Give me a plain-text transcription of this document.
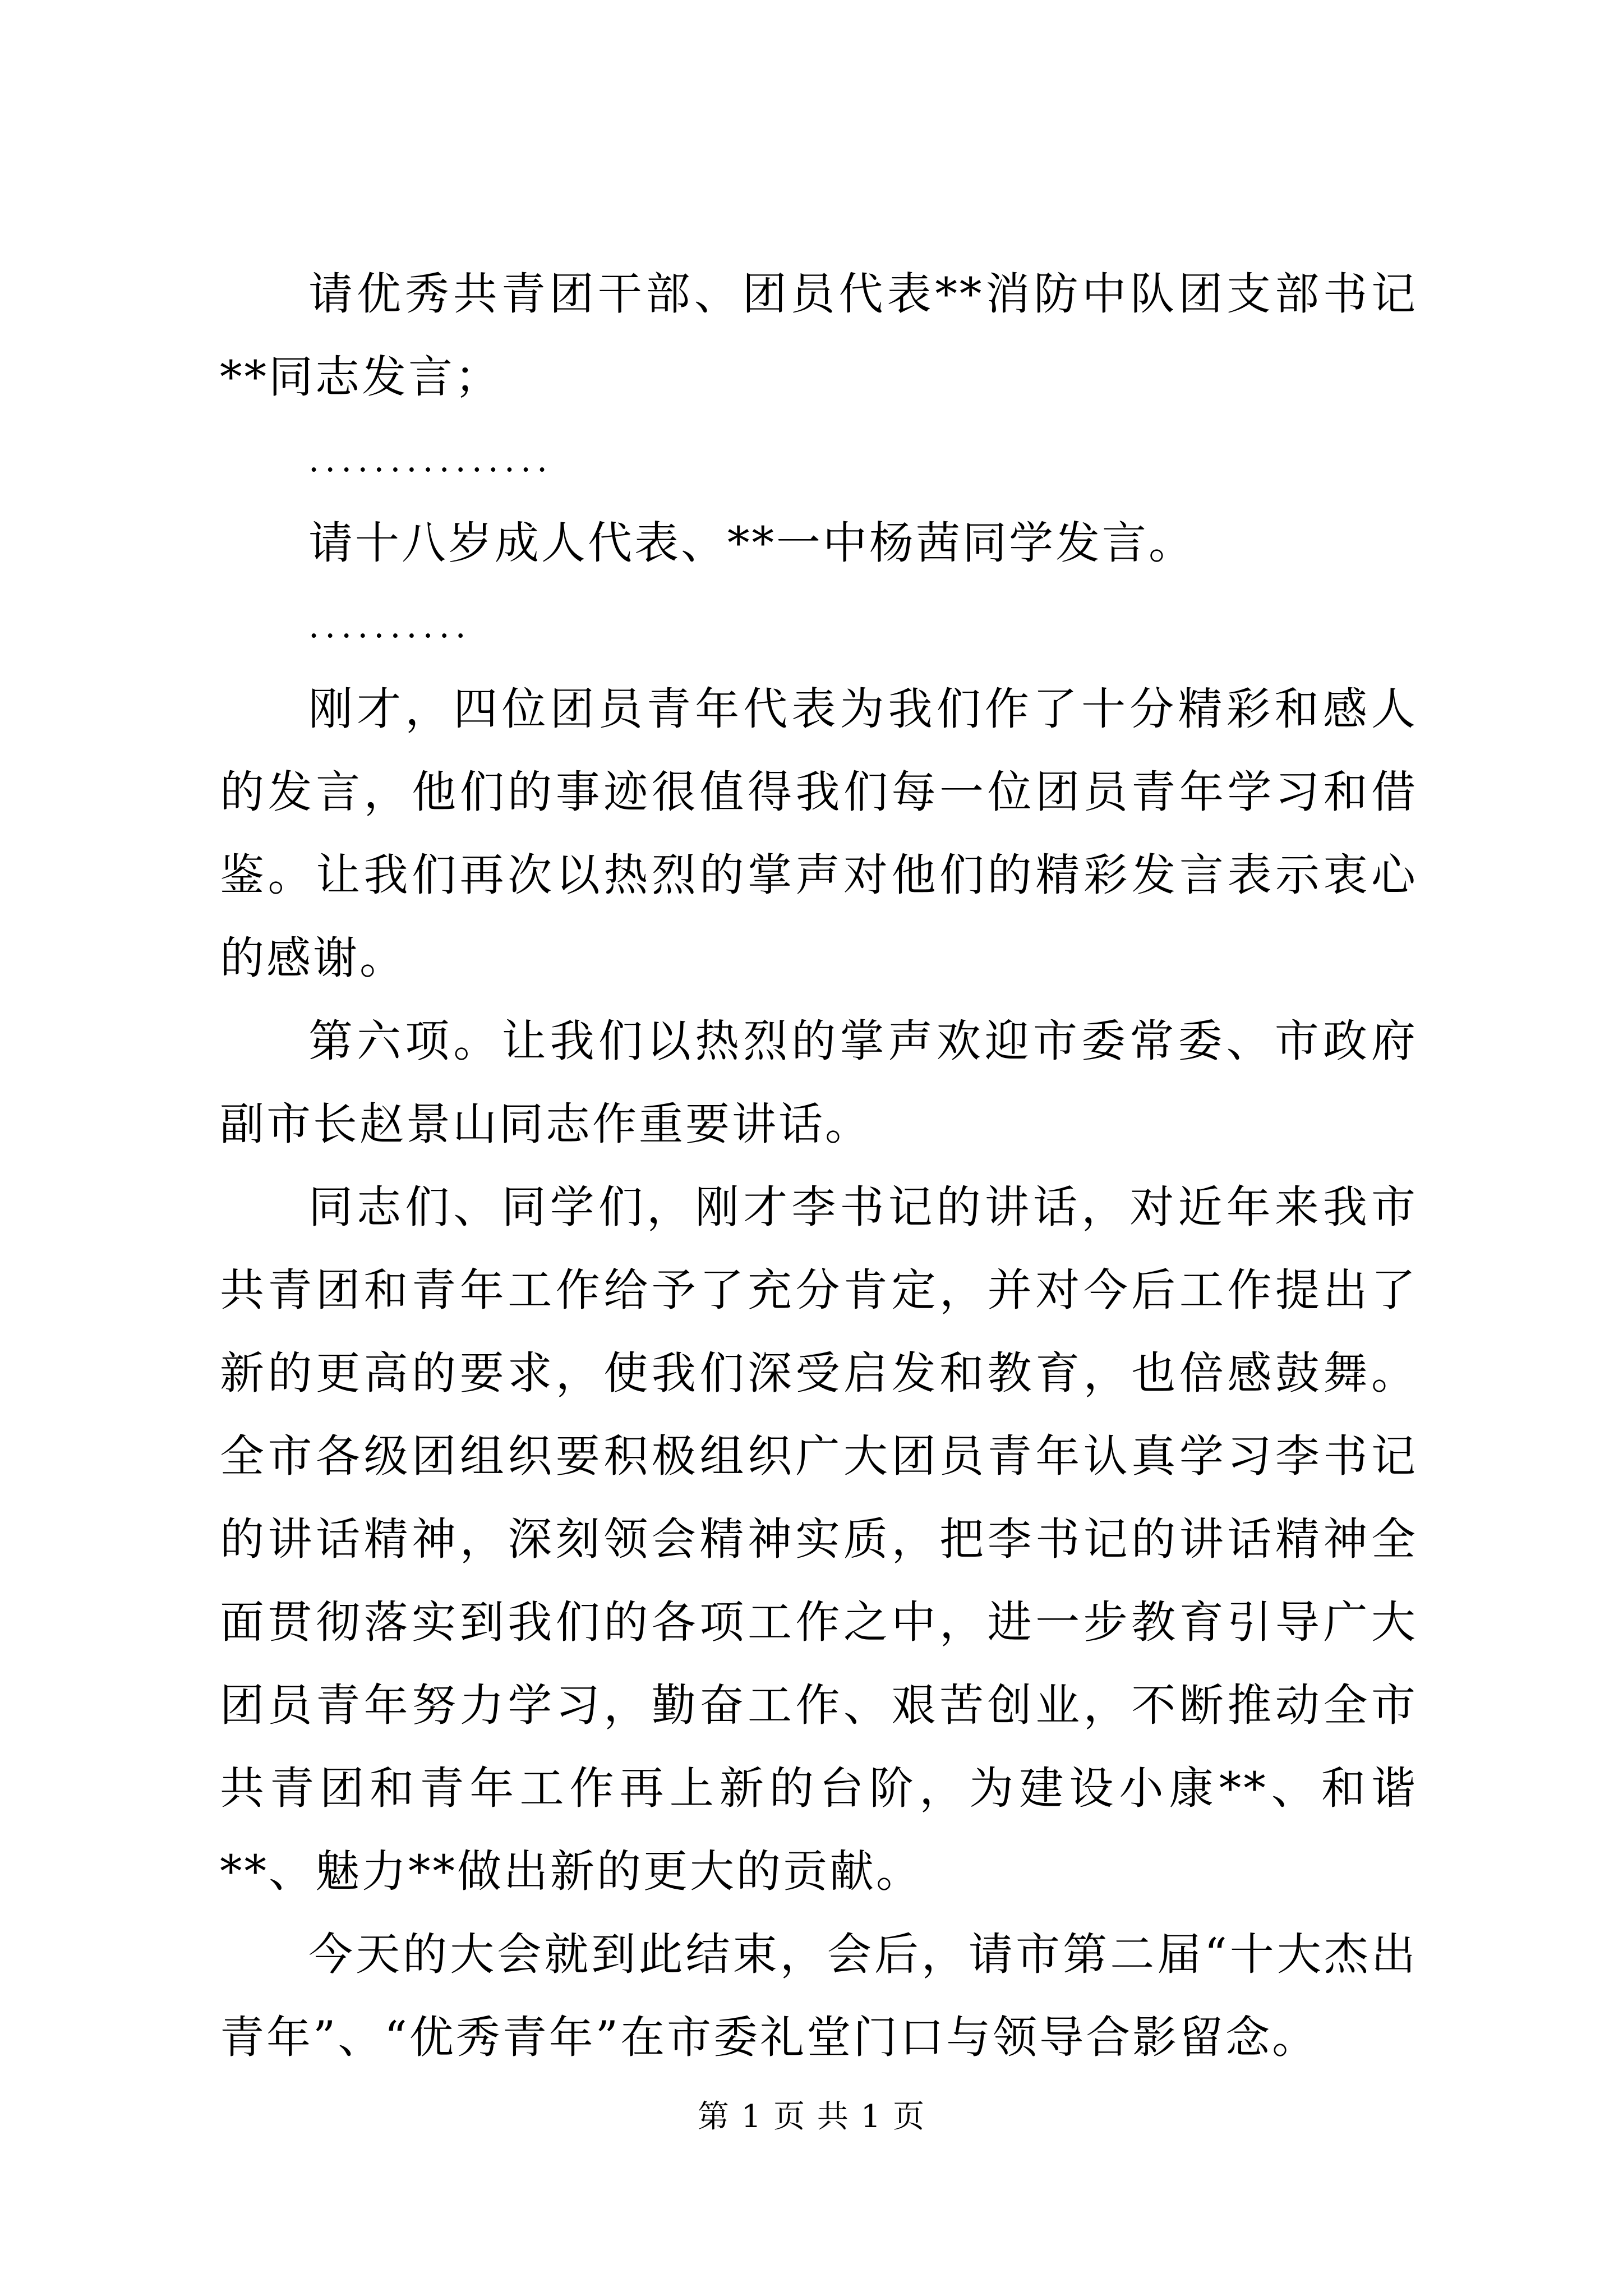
请优秀共青团干部、团员代表**消防中队团支部书记**同志发言；

...............

请十八岁成人代表、**一中杨茜同学发言。

..........

刚才，四位团员青年代表为我们作了十分精彩和感人的发言，他们的事迹很值得我们每一位团员青年学习和借鉴。让我们再次以热烈的掌声对他们的精彩发言表示衷心的感谢。

第六项。让我们以热烈的掌声欢迎市委常委、市政府副市长赵景山同志作重要讲话。

同志们、同学们，刚才李书记的讲话，对近年来我市共青团和青年工作给予了充分肯定，并对今后工作提出了新的更高的要求，使我们深受启发和教育，也倍感鼓舞。全市各级团组织要积极组织广大团员青年认真学习李书记的讲话精神，深刻领会精神实质，把李书记的讲话精神全面贯彻落实到我们的各项工作之中，进一步教育引导广大团员青年努力学习，勤奋工作、艰苦创业，不断推动全市共青团和青年工作再上新的台阶，为建设小康**、和谐**、魅力**做出新的更大的贡献。

今天的大会就到此结束，会后，请市第二届“十大杰出青年”、“优秀青年”在市委礼堂门口与领导合影留念。

第 1 页 共 1 页
